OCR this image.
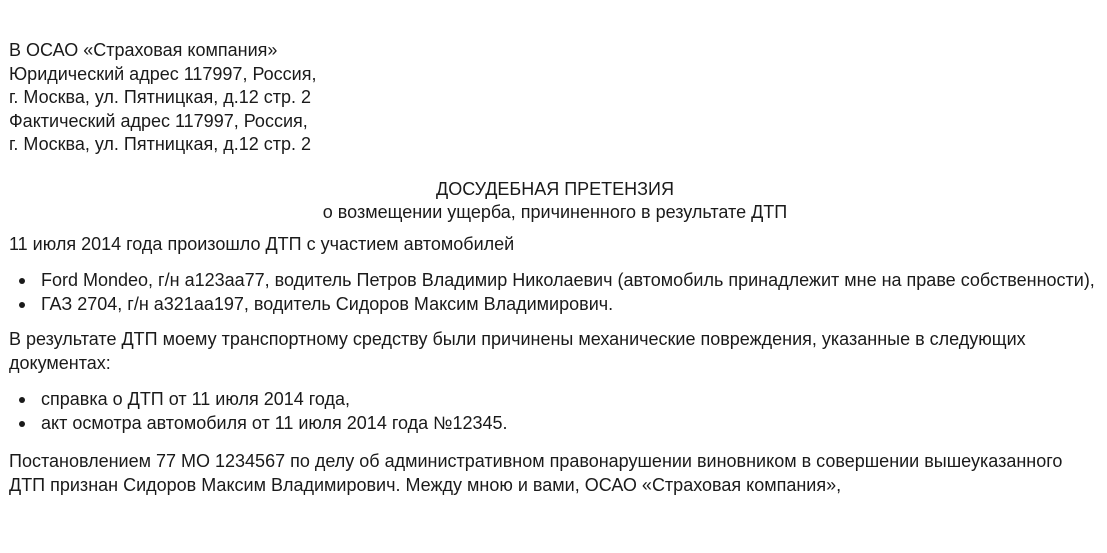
В ОСАО «Страховая компания»
Юридический адрес 117997, Россия,
г. Москва, ул. Пятницкая, д.12 стр. 2
Фактический адрес 117997, Россия,
г. Москва, ул. Пятницкая, д.12 стр. 2
ДОСУДЕБНАЯ ПРЕТЕНЗИЯ
о возмещении ущерба, причиненного в результате ДТП

11 июля 2014 года произошло ДТП с участием автомобилей

Ford Mondeo, г/н а123аа77, водитель Петров Владимир Николаевич (автомобиль принадлежит мне на праве собственности),
ГАЗ 2704, г/н а321аа197, водитель Сидоров Максим Владимирович.

В результате ДТП моему транспортному средству были причинены механические повреждения, указанные в следующих документах:

справка о ДТП от 11 июля 2014 года,
акт осмотра автомобиля от 11 июля 2014 года №12345.

Постановлением 77 МО 1234567 по делу об административном правонарушении виновником в совершении вышеуказанного ДТП признан Сидоров Максим Владимирович. Между мною и вами, ОСАО «Страховая компания»,
